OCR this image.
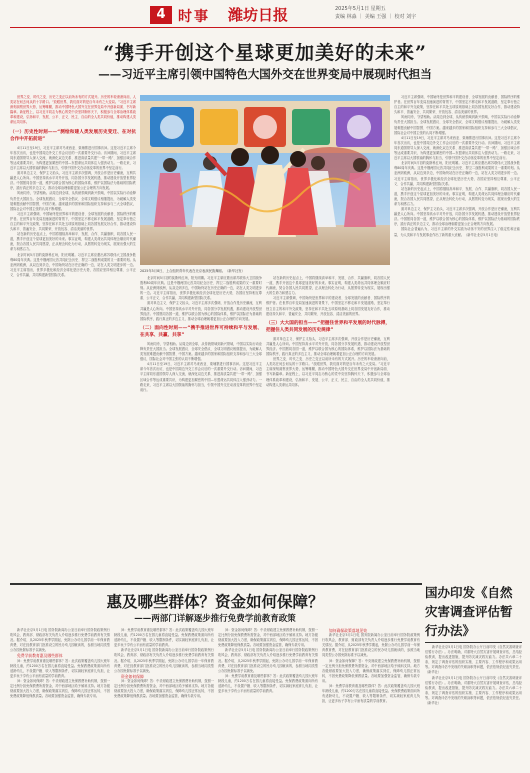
4 时事 潍坊日报	2025年5月1日 星期五
责编 林淼 ｜ 美编 王强 ｜ 校对 刘宇
“携手开创这个星球更加美好的未来”
——习近平主席引领中国特色大国外交在世界变局中展现时代担当

世界之变、时代之变、历史之变正以前所未有的方式展开。历史的车轮滚滚向前，人类站在何去何从的十字路口。“放眼世界，我们面对的是百年未有之大变局。”习近平主席深刻洞察世界大势，运筹帷幄，推动中国特色大国外交在世界变局中开创新局面、书写新篇章。新征程上，以习近平同志为核心的党中央坚持胸怀天下，积极参与全球治理体系改革和建设，弘扬和平、发展、公平、正义、民主、自由的全人类共同价值，推动构建人类命运共同体。

（一）历史性时刻——“测绘和建人类发展历史变迁、在对抗合作中开拓前进”

4月11日至19日，习近平主席对马来西亚、柬埔寨进行国事访问。这是习近平主席今年首次出访，也是中国周边外交工作会议后的一次重要外交行动。访问期间，习近平主席同东道国领导人深入交流，就深化双边关系、推进高质量共建“一带一路”、加强区域合作等达成重要共识，为构建更加紧密的中国—东盟命运共同体注入强劲动力。一路走来，习近平主席以大国领袖的胸怀与担当，引领中国外交在动荡变革的世界中坚定前行。

面对单边主义、保护主义抬头，习近平主席多次强调，开放合作是历史潮流，互利共赢是人心所向。中国坚持高水平对外开放，同各国分享发展机遇，推动建设开放型世界经济。中国愿同各国一道，维护以联合国为核心的国际体系，维护以国际法为基础的国际秩序，践行真正的多边主义，推动全球治理朝着更加公正合理的方向发展。

风雨同舟，守望相助。从周边到全球，从传统领域到新兴领域，中国以实际行动诠释负责任大国担当。全球发展倡议、全球安全倡议、全球文明倡议相继提出，为破解人类发展难题贡献中国智慧、中国方案。越来越多的国家和国际组织支持和参与三大全球倡议，国际社会对中国主张的认同不断增强。

习近平主席强调，中国始终是世界和平的建设者、全球发展的贡献者、国际秩序的维护者。在世界百年变局加速演进的背景下，中国坚定不移走和平发展道路，坚定奉行独立自主的和平外交政策，坚持在和平共处五项原则基础上同各国发展友好合作，推动建设持久和平、普遍安全、共同繁荣、开放包容、清洁美丽的世界。

站在新的历史起点上，中国将继续高举和平、发展、合作、共赢旗帜，同各国人民一道，携手开创这个星球更加美好的未来。事实证明，构建人类命运共同体理念顺应时代潮流，契合各国人民共同愿望，正从理念转化为行动，从愿景转变为现实，展现出强大的生命力和感召力。

北京时间5月初的莫斯科红场，阳光明媚。习近平主席应邀出席苏联伟大卫国战争胜利80周年庆典。这是中俄两国元首共同纪念历史、捍卫二战胜利成果的又一重要时刻。从亚洲到欧洲，从双边到多边，中国始终站在历史正确的一边，站在人类文明进步的一边。习近平主席指出，世界多极化和经济全球化是历史大势，各国应坚持相互尊重、公平正义、合作共赢，共同构建新型国际关系。

2025年5月8日，上合组织青年代表在北京表演民族舞蹈。（新华社发）

北京时间5月初的莫斯科红场，阳光明媚。习近平主席应邀出席苏联伟大卫国战争胜利80周年庆典。这是中俄两国元首共同纪念历史、捍卫二战胜利成果的又一重要时刻。从亚洲到欧洲，从双边到多边，中国始终站在历史正确的一边，站在人类文明进步的一边。习近平主席指出，世界多极化和经济全球化是历史大势，各国应坚持相互尊重、公平正义、合作共赢，共同构建新型国际关系。

面对单边主义、保护主义抬头，习近平主席多次强调，开放合作是历史潮流，互利共赢是人心所向。中国坚持高水平对外开放，同各国分享发展机遇，推动建设开放型世界经济。中国愿同各国一道，维护以联合国为核心的国际体系，维护以国际法为基础的国际秩序，践行真正的多边主义，推动全球治理朝着更加公正合理的方向发展。

（二）面向性时刻——“携手推进世界可持续和平与发展、在共享、共赢、共享”

风雨同舟，守望相助。从周边到全球，从传统领域到新兴领域，中国以实际行动诠释负责任大国担当。全球发展倡议、全球安全倡议、全球文明倡议相继提出，为破解人类发展难题贡献中国智慧、中国方案。越来越多的国家和国际组织支持和参与三大全球倡议，国际社会对中国主张的认同不断增强。

4月11日至19日，习近平主席对马来西亚、柬埔寨进行国事访问。这是习近平主席今年首次出访，也是中国周边外交工作会议后的一次重要外交行动。访问期间，习近平主席同东道国领导人深入交流，就深化双边关系、推进高质量共建“一带一路”、加强区域合作等达成重要共识，为构建更加紧密的中国—东盟命运共同体注入强劲动力。一路走来，习近平主席以大国领袖的胸怀与担当，引领中国外交在动荡变革的世界中坚定前行。

站在新的历史起点上，中国将继续高举和平、发展、合作、共赢旗帜，同各国人民一道，携手开创这个星球更加美好的未来。事实证明，构建人类命运共同体理念顺应时代潮流，契合各国人民共同愿望，正从理念转化为行动，从愿景转变为现实，展现出强大的生命力和感召力。

习近平主席强调，中国始终是世界和平的建设者、全球发展的贡献者、国际秩序的维护者。在世界百年变局加速演进的背景下，中国坚定不移走和平发展道路，坚定奉行独立自主的和平外交政策，坚持在和平共处五项原则基础上同各国发展友好合作，推动建设持久和平、普遍安全、共同繁荣、开放包容、清洁美丽的世界。

（三）大大国的担当——“把握住世界和平发展的时代脉搏，把握住人类共同发展的历史规律”

面对单边主义、保护主义抬头，习近平主席多次强调，开放合作是历史潮流，互利共赢是人心所向。中国坚持高水平对外开放，同各国分享发展机遇，推动建设开放型世界经济。中国愿同各国一道，维护以联合国为核心的国际体系，维护以国际法为基础的国际秩序，践行真正的多边主义，推动全球治理朝着更加公正合理的方向发展。

世界之变、时代之变、历史之变正以前所未有的方式展开。历史的车轮滚滚向前，人类站在何去何从的十字路口。“放眼世界，我们面对的是百年未有之大变局。”习近平主席深刻洞察世界大势，运筹帷幄，推动中国特色大国外交在世界变局中开创新局面、书写新篇章。新征程上，以习近平同志为核心的党中央坚持胸怀天下，积极参与全球治理体系改革和建设，弘扬和平、发展、公平、正义、民主、自由的全人类共同价值，推动构建人类命运共同体。

习近平主席强调，中国始终是世界和平的建设者、全球发展的贡献者、国际秩序的维护者。在世界百年变局加速演进的背景下，中国坚定不移走和平发展道路，坚定奉行独立自主的和平外交政策，坚持在和平共处五项原则基础上同各国发展友好合作，推动建设持久和平、普遍安全、共同繁荣、开放包容、清洁美丽的世界。

风雨同舟，守望相助。从周边到全球，从传统领域到新兴领域，中国以实际行动诠释负责任大国担当。全球发展倡议、全球安全倡议、全球文明倡议相继提出，为破解人类发展难题贡献中国智慧、中国方案。越来越多的国家和国际组织支持和参与三大全球倡议，国际社会对中国主张的认同不断增强。

4月11日至19日，习近平主席对马来西亚、柬埔寨进行国事访问。这是习近平主席今年首次出访，也是中国周边外交工作会议后的一次重要外交行动。访问期间，习近平主席同东道国领导人深入交流，就深化双边关系、推进高质量共建“一带一路”、加强区域合作等达成重要共识，为构建更加紧密的中国—东盟命运共同体注入强劲动力。一路走来，习近平主席以大国领袖的胸怀与担当，引领中国外交在动荡变革的世界中坚定前行。

北京时间5月初的莫斯科红场，阳光明媚。习近平主席应邀出席苏联伟大卫国战争胜利80周年庆典。这是中俄两国元首共同纪念历史、捍卫二战胜利成果的又一重要时刻。从亚洲到欧洲，从双边到多边，中国始终站在历史正确的一边，站在人类文明进步的一边。习近平主席指出，世界多极化和经济全球化是历史大势，各国应坚持相互尊重、公平正义、合作共赢，共同构建新型国际关系。

站在新的历史起点上，中国将继续高举和平、发展、合作、共赢旗帜，同各国人民一道，携手开创这个星球更加美好的未来。事实证明，构建人类命运共同体理念顺应时代潮流，契合各国人民共同愿望，正从理念转化为行动，从愿景转变为现实，展现出强大的生命力和感召力。

面对单边主义、保护主义抬头，习近平主席多次强调，开放合作是历史潮流，互利共赢是人心所向。中国坚持高水平对外开放，同各国分享发展机遇，推动建设开放型世界经济。中国愿同各国一道，维护以联合国为核心的国际体系，维护以国际法为基础的国际秩序，践行真正的多边主义，推动全球治理朝着更加公正合理的方向发展。

国际社会普遍认为，习近平主席的外交实践为动荡不安的世界注入了稳定性和正能量，为人类和平与发展事业作出了新的重大贡献。（新华社北京5月1日电）

惠及哪些群体？资金如何保障？
——两部门详解逐步推行免费学前教育政策

新华社北京5月1日电 国务院新闻办公室日前举行国务院政策例行吹风会，教育部、财政部有关负责人介绍逐步推行免费学前教育有关情况。据介绍，从2025年秋季学期起，免除公办幼儿园学前一年保育教育费，对在经教育部门批准设立的民办幼儿园就读的，参照当地同类型公办园免除标准予以减免。

免费学前教育惠及哪些群体

问：免费学前教育惠及哪些群体？答：此次政策覆盖幼儿园大班年龄段儿童，约1200万名在园儿童将直接受益。免保教费政策面向所有适龄幼儿，不设置户籍、收入等限制条件，切实减轻家庭育儿负担，让更多孩子享有公平而有质量的学前教育。

问：资金如何保障？答：中央财政建立免保教费补助机制，按照一定比例分担免保教费所需资金，对中西部地区给予倾斜支持。地方各级财政要加大投入力度，确保政策落实到位，保障幼儿园正常运转，不因免费政策降低保教质量。各地要加强资金监管，确保专款专用。

问：免费学前教育惠及哪些群体？答：此次政策覆盖幼儿园大班年龄段儿童，约1200万名在园儿童将直接受益。免保教费政策面向所有适龄幼儿，不设置户籍、收入等限制条件，切实减轻家庭育儿负担，让更多孩子享有公平而有质量的学前教育。

新华社北京5月1日电 国务院新闻办公室日前举行国务院政策例行吹风会，教育部、财政部有关负责人介绍逐步推行免费学前教育有关情况。据介绍，从2025年秋季学期起，免除公办幼儿园学前一年保育教育费，对在经教育部门批准设立的民办幼儿园就读的，参照当地同类型公办园免除标准予以减免。

资金如何保障

问：资金如何保障？答：中央财政建立免保教费补助机制，按照一定比例分担免保教费所需资金，对中西部地区给予倾斜支持。地方各级财政要加大投入力度，确保政策落实到位，保障幼儿园正常运转，不因免费政策降低保教质量。各地要加强资金监管，确保专款专用。

问：资金如何保障？答：中央财政建立免保教费补助机制，按照一定比例分担免保教费所需资金，对中西部地区给予倾斜支持。地方各级财政要加大投入力度，确保政策落实到位，保障幼儿园正常运转，不因免费政策降低保教质量。各地要加强资金监管，确保专款专用。

新华社北京5月1日电 国务院新闻办公室日前举行国务院政策例行吹风会，教育部、财政部有关负责人介绍逐步推行免费学前教育有关情况。据介绍，从2025年秋季学期起，免除公办幼儿园学前一年保育教育费，对在经教育部门批准设立的民办幼儿园就读的，参照当地同类型公办园免除标准予以减免。

问：免费学前教育惠及哪些群体？答：此次政策覆盖幼儿园大班年龄段儿童，约1200万名在园儿童将直接受益。免保教费政策面向所有适龄幼儿，不设置户籍、收入等限制条件，切实减轻家庭育儿负担，让更多孩子享有公平而有质量的学前教育。

如何确保政策落地见效

新华社北京5月1日电 国务院新闻办公室日前举行国务院政策例行吹风会，教育部、财政部有关负责人介绍逐步推行免费学前教育有关情况。据介绍，从2025年秋季学期起，免除公办幼儿园学前一年保育教育费，对在经教育部门批准设立的民办幼儿园就读的，参照当地同类型公办园免除标准予以减免。

问：资金如何保障？答：中央财政建立免保教费补助机制，按照一定比例分担免保教费所需资金，对中西部地区给予倾斜支持。地方各级财政要加大投入力度，确保政策落实到位，保障幼儿园正常运转，不因免费政策降低保教质量。各地要加强资金监管，确保专款专用。

问：免费学前教育惠及哪些群体？答：此次政策覆盖幼儿园大班年龄段儿童，约1200万名在园儿童将直接受益。免保教费政策面向所有适龄幼儿，不设置户籍、收入等限制条件，切实减轻家庭育儿负担，让更多孩子享有公平而有质量的学前教育。

国办印发《自然灾害调查评估暂行办法》

新华社北京5月1日电 国务院办公厅日前印发《自然灾害调查评估暂行办法》。办法明确，对重特大自然灾害开展调查评估，总结经验教训，提出改进措施，提升防灾减灾救灾能力。办法共六章二十条，规定了调查评估的组织实施、主要内容、工作程序和成果运用等。对调查评估中发现的失职渎职等问题，依法依规依纪追究责任。（新华社）

新华社北京5月1日电 国务院办公厅日前印发《自然灾害调查评估暂行办法》。办法明确，对重特大自然灾害开展调查评估，总结经验教训，提出改进措施，提升防灾减灾救灾能力。办法共六章二十条，规定了调查评估的组织实施、主要内容、工作程序和成果运用等。对调查评估中发现的失职渎职等问题，依法依规依纪追究责任。（新华社）
